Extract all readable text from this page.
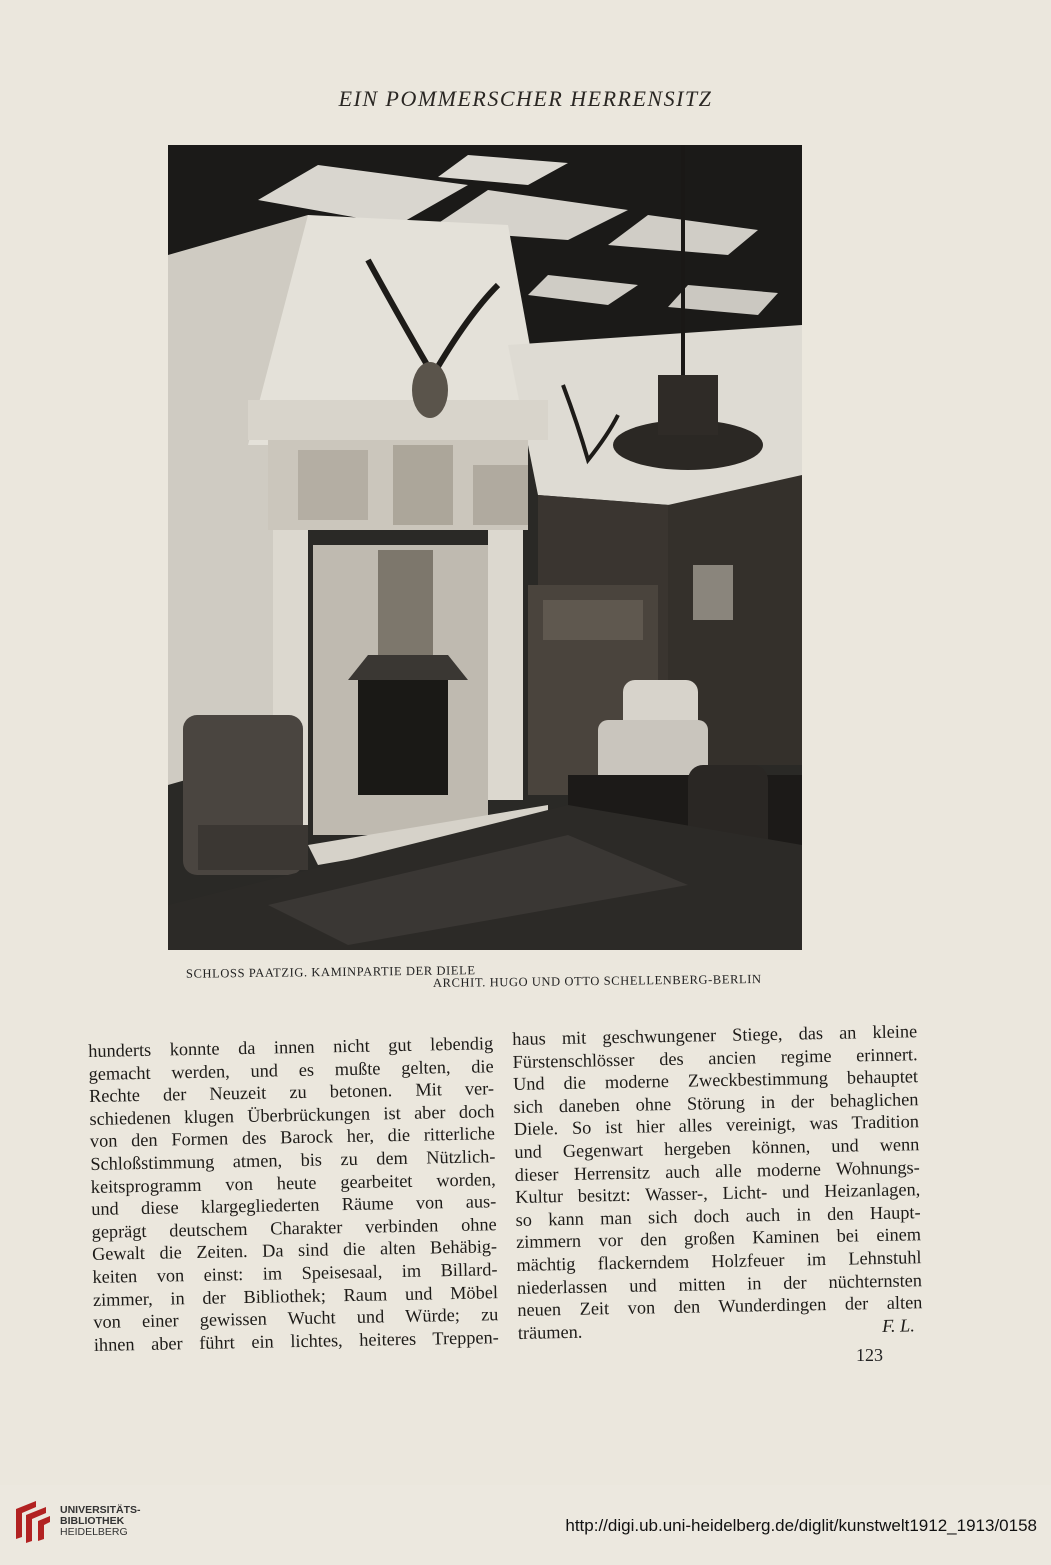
EIN POMMERSCHER HERRENSITZ
SCHLOSS PAATZIG. KAMINPARTIE DER DIELE
ARCHIT. HUGO UND OTTO SCHELLENBERG-BERLIN
hunderts konnte da innen nicht gut lebendig
gemacht werden, und es mußte gelten, die
Rechte der Neuzeit zu betonen. Mit ver-
schiedenen klugen Überbrückungen ist aber doch
von den Formen des Barock her, die ritterliche
Schloßstimmung atmen, bis zu dem Nützlich-
keitsprogramm von heute gearbeitet worden,
und diese klargegliederten Räume von aus-
geprägt deutschem Charakter verbinden ohne
Gewalt die Zeiten. Da sind die alten Behäbig-
keiten von einst: im Speisesaal, im Billard-
zimmer, in der Bibliothek; Raum und Möbel
von einer gewissen Wucht und Würde; zu
ihnen aber führt ein lichtes, heiteres Treppen-
haus mit geschwungener Stiege, das an kleine
Fürstenschlösser des ancien regime erinnert.
Und die moderne Zweckbestimmung behauptet
sich daneben ohne Störung in der behaglichen
Diele. So ist hier alles vereinigt, was Tradition
und Gegenwart hergeben können, und wenn
dieser Herrensitz auch alle moderne Wohnungs-
Kultur besitzt: Wasser-, Licht- und Heizanlagen,
so kann man sich doch auch in den Haupt-
zimmern vor den großen Kaminen bei einem
mächtig flackerndem Holzfeuer im Lehnstuhl
niederlassen und mitten in der nüchternsten
neuen Zeit von den Wunderdingen der alten
träumen.	F. L.
123
UNIVERSITÄTS-
BIBLIOTHEK
HEIDELBERG	http://digi.ub.uni-heidelberg.de/diglit/kunstwelt1912_1913/0158
